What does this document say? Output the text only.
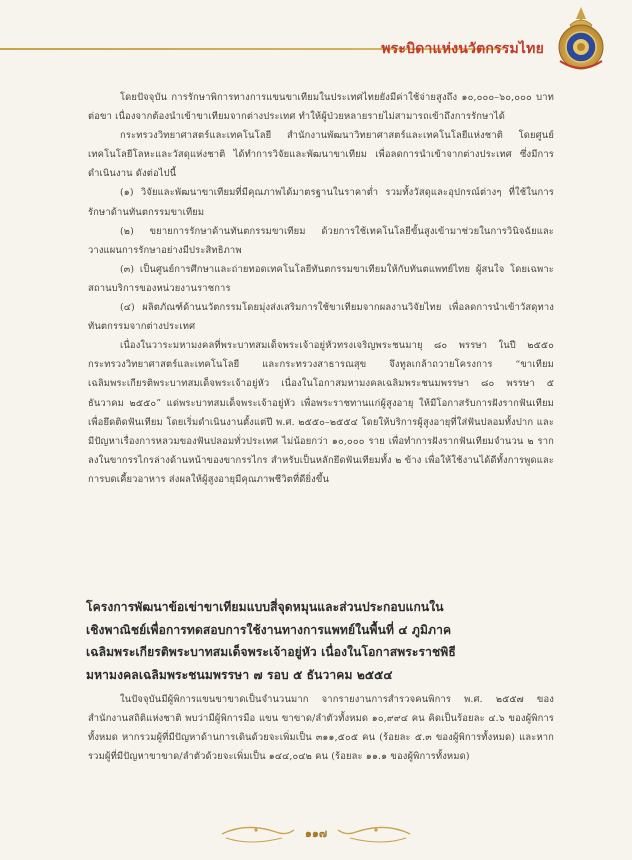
พระบิดาแห่งนวัตกรรมไทย

โดยปัจจุบัน การรักษาพิการทางการแขนขาเทียมในประเทศไทยยังมีค่าใช้จ่ายสูงถึง ๑๐,๐๐๐–๖๐,๐๐๐ บาทต่อขา เนื่องจากต้องนำเข้าขาเทียมจากต่างประเทศ ทำให้ผู้ป่วยหลายรายไม่สามารถเข้าถึงการรักษาได้

กระทรวงวิทยาศาสตร์และเทคโนโลยี สำนักงานพัฒนาวิทยาศาสตร์และเทคโนโลยีแห่งชาติ โดยศูนย์เทคโนโลยีโลหะและวัสดุแห่งชาติ ได้ทำการวิจัยและพัฒนาขาเทียม เพื่อลดการนำเข้าจากต่างประเทศ ซึ่งมีการดำเนินงาน ดังต่อไปนี้

(๑) วิจัยและพัฒนาขาเทียมที่มีคุณภาพได้มาตรฐานในราคาต่ำ รวมทั้งวัสดุและอุปกรณ์ต่างๆ ที่ใช้ในการรักษาด้านทันตกรรมขาเทียม

(๒) ขยายการรักษาด้านทันตกรรมขาเทียม ด้วยการใช้เทคโนโลยีขั้นสูงเข้ามาช่วยในการวินิจฉัยและวางแผนการรักษาอย่างมีประสิทธิภาพ

(๓) เป็นศูนย์การศึกษาและถ่ายทอดเทคโนโลยีทันตกรรมขาเทียมให้กับทันตแพทย์ไทย ผู้สนใจ โดยเฉพาะสถานบริการของหน่วยงานราชการ

(๔) ผลิตภัณฑ์ด้านนวัตกรรมโดยมุ่งส่งเสริมการใช้ขาเทียมจากผลงานวิจัยไทย เพื่อลดการนำเข้าวัสดุทางทันตกรรมจากต่างประเทศ

เนื่องในวาระมหามงคลที่พระบาทสมเด็จพระเจ้าอยู่หัวทรงเจริญพระชนมายุ ๘๐ พรรษา ในปี ๒๕๕๐ กระทรวงวิทยาศาสตร์และเทคโนโลยี และกระทรวงสาธารณสุข จึงทูลเกล้าถวายโครงการ “ขาเทียมเฉลิมพระเกียรติพระบาทสมเด็จพระเจ้าอยู่หัว เนื่องในโอกาสมหามงคลเฉลิมพระชนมพรรษา ๘๐ พรรษา ๕ ธันวาคม ๒๕๕๐” แด่พระบาทสมเด็จพระเจ้าอยู่หัว เพื่อพระราชทานแก่ผู้สูงอายุ ให้มีโอกาสรับการฝังรากฟันเทียม เพื่อยึดติดฟันเทียม โดยเริ่มดำเนินงานตั้งแต่ปี พ.ศ. ๒๕๕๐–๒๕๕๔ โดยให้บริการผู้สูงอายุที่ใส่ฟันปลอมทั้งปาก และมีปัญหาเรื่องการหลวมของฟันปลอมทั่วประเทศ ไม่น้อยกว่า ๑๐,๐๐๐ ราย เพื่อทำการฝังรากฟันเทียมจำนวน ๒ ราก ลงในขากรรไกรล่างด้านหน้าของขากรรไกร สำหรับเป็นหลักยึดฟันเทียมทั้ง ๒ ข้าง เพื่อให้ใช้งานได้ดีทั้งการพูดและการบดเคี้ยวอาหาร ส่งผลให้ผู้สูงอายุมีคุณภาพชีวิตที่ดียิ่งขึ้น

โครงการพัฒนาข้อเข่าขาเทียมแบบสี่จุดหมุนและส่วนประกอบแกนใน

เชิงพาณิชย์เพื่อการทดสอบการใช้งานทางการแพทย์ในพื้นที่ ๔ ภูมิภาค

เฉลิมพระเกียรติพระบาทสมเด็จพระเจ้าอยู่หัว เนื่องในโอกาสพระราชพิธี

มหามงคลเฉลิมพระชนมพรรษา ๗ รอบ ๕ ธันวาคม ๒๕๕๔

ในปัจจุบันมีผู้พิการแขนขาขาดเป็นจำนวนมาก จากรายงานการสำรวจคนพิการ พ.ศ. ๒๕๕๗ ของสำนักงานสถิติแห่งชาติ พบว่ามีผู้พิการมือ แขน ขาขาด/ลำตัวทั้งหมด ๑๐,๙๙๔ คน คิดเป็นร้อยละ ๔.๖ ของผู้พิการทั้งหมด หากรวมผู้ที่มีปัญหาด้านการเดินด้วยจะเพิ่มเป็น ๓๑๑,๕๐๕ คน (ร้อยละ ๕.๓ ของผู้พิการทั้งหมด) และหากรวมผู้ที่มีปัญหาขาขาด/ลำตัวด้วยจะเพิ่มเป็น ๑๔๔,๐๔๒ คน (ร้อยละ ๑๑.๑ ของผู้พิการทั้งหมด)

๑๑๗
